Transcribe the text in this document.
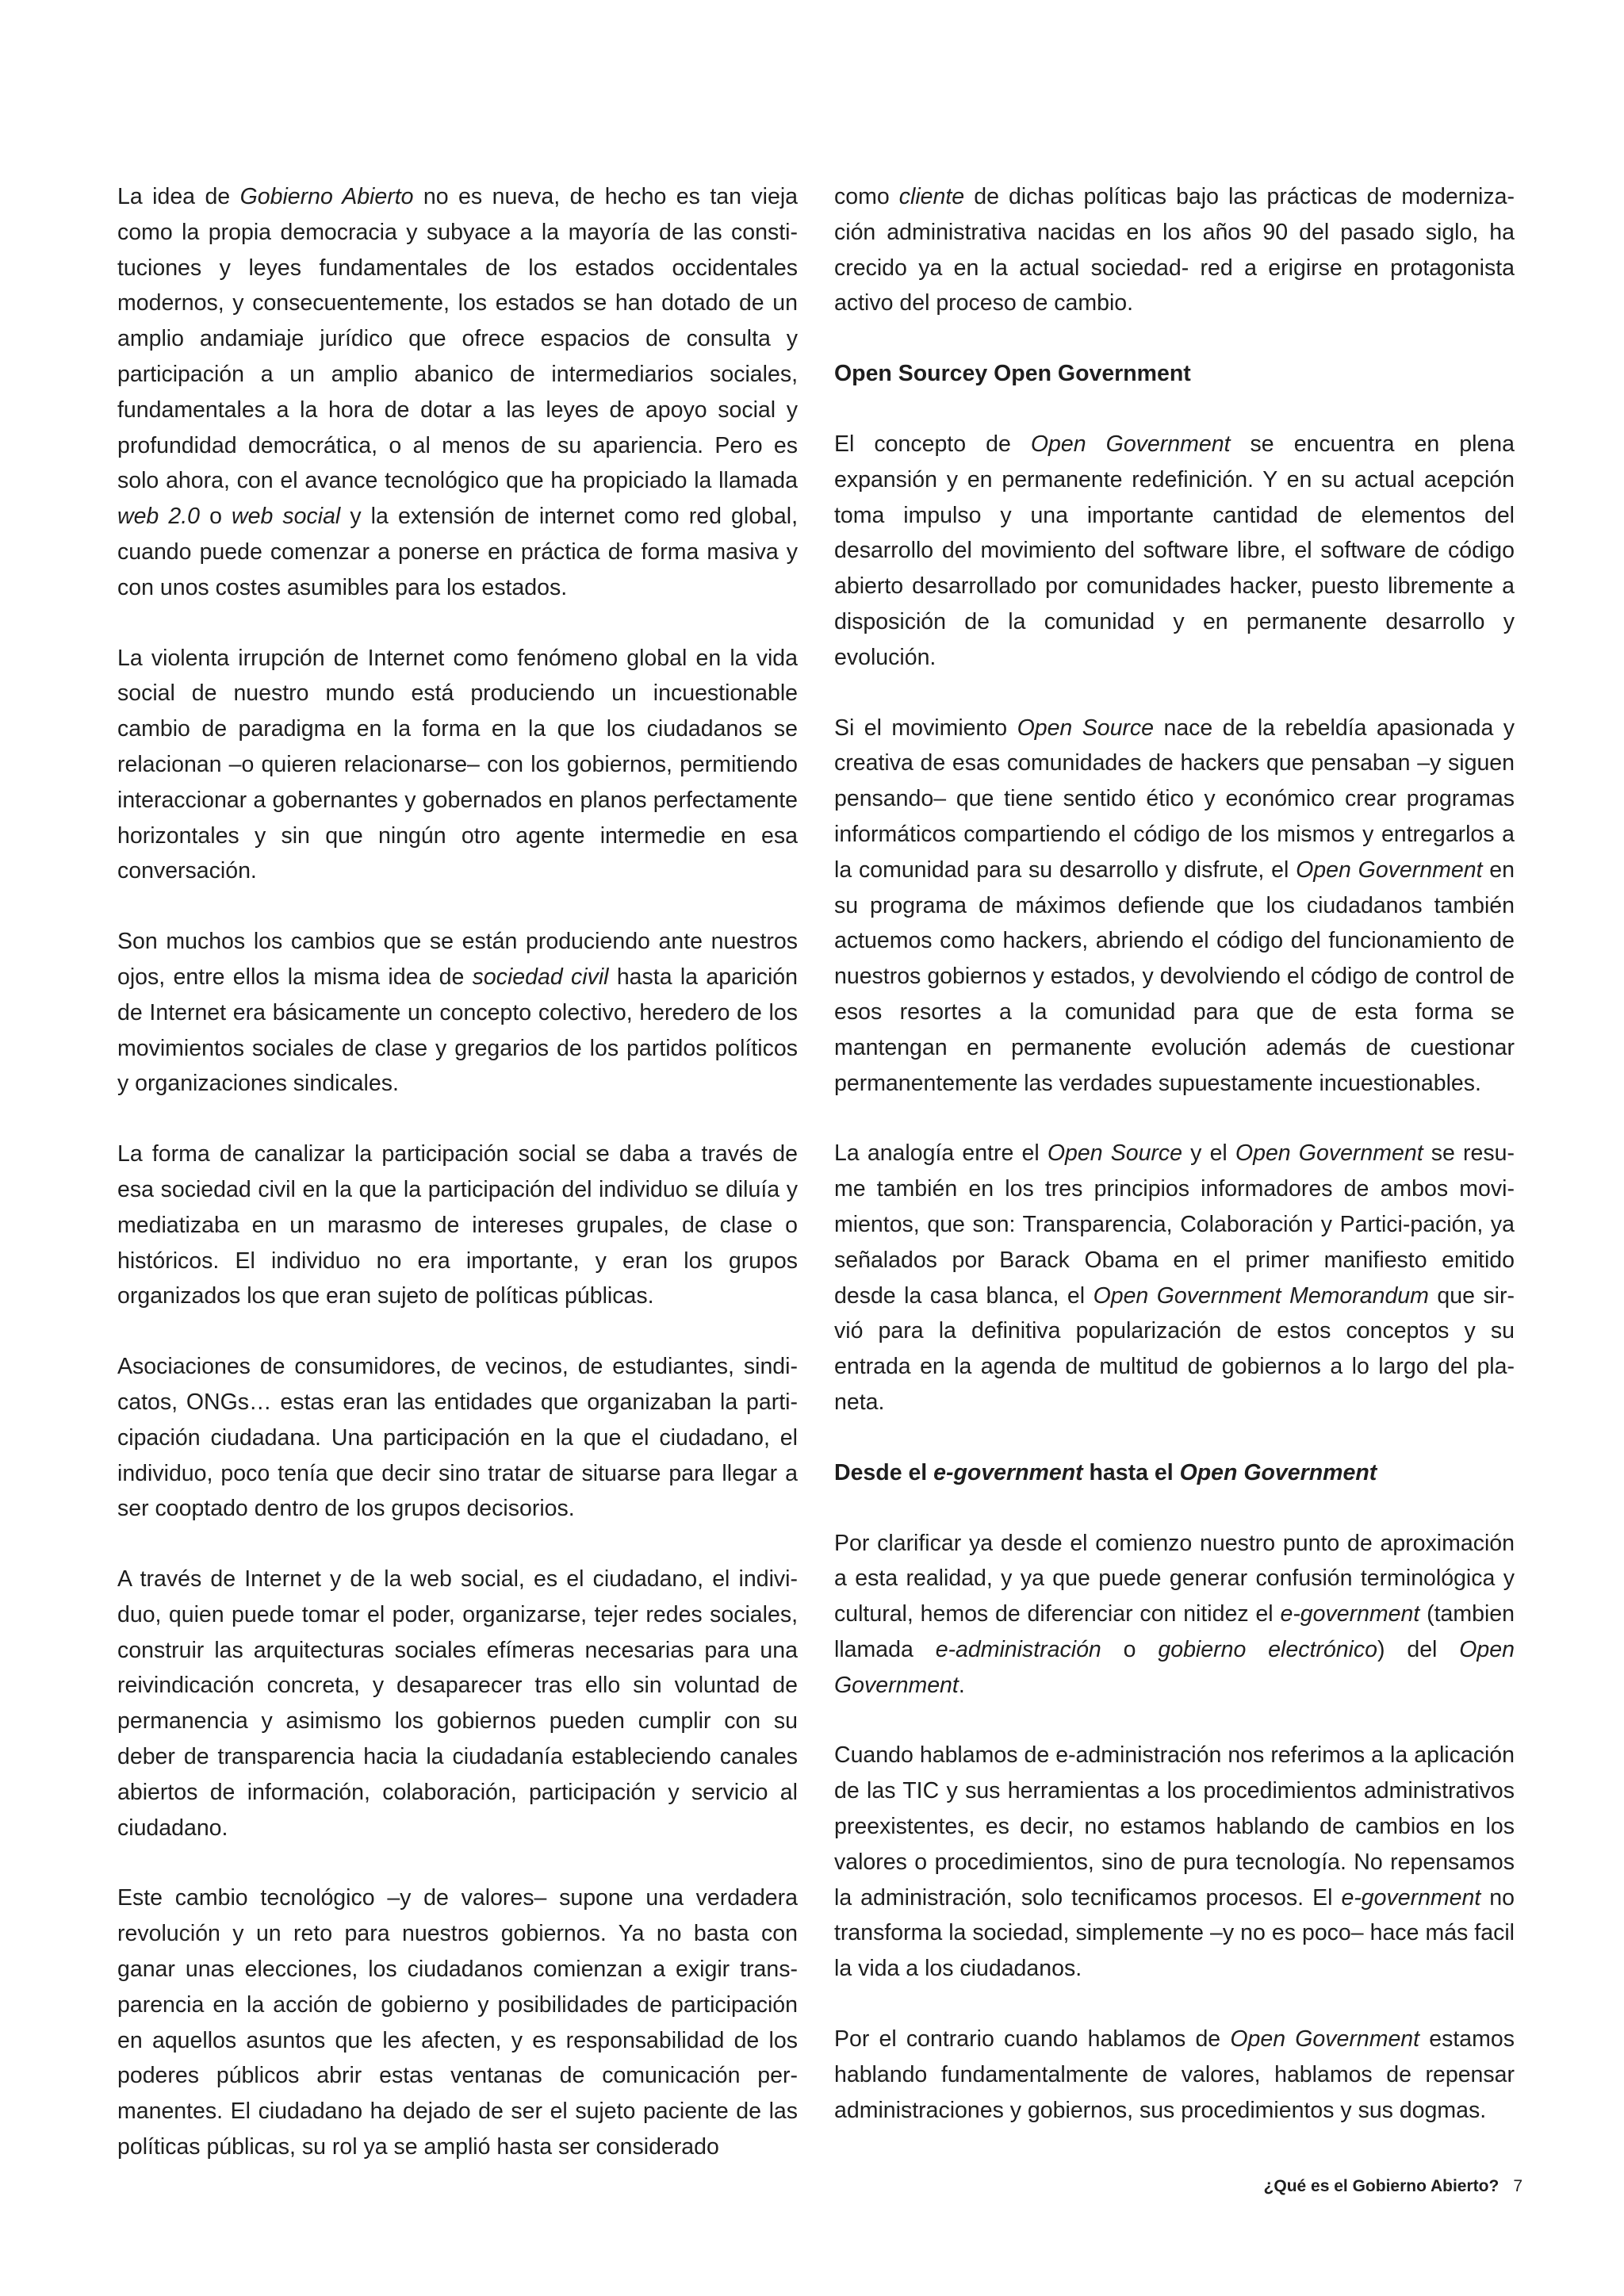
La idea de Gobierno Abierto no es nueva, de hecho es tan vieja como la propia democracia y subyace a la mayoría de las constituciones y leyes fundamentales de los estados occidentales modernos, y consecuentemente, los estados se han dotado de un amplio andamiaje jurídico que ofrece espacios de consulta y participación a un amplio abanico de intermediarios sociales, fundamentales a la hora de dotar a las leyes de apoyo social y profundidad democrática, o al menos de su apariencia. Pero es solo ahora, con el avance tecnológico que ha propiciado la llamada web 2.0 o web social y la extensión de internet como red global, cuando puede comenzar a ponerse en práctica de forma masiva y con unos costes asumibles para los estados.

La violenta irrupción de Internet como fenómeno global en la vida social de nuestro mundo está produciendo un incuestionable cambio de paradigma en la forma en la que los ciudadanos se relacionan –o quieren relacionarse– con los gobiernos, permitiendo interaccionar a gobernantes y gobernados en planos perfectamente horizontales y sin que ningún otro agente intermedie en esa conversación.

Son muchos los cambios que se están produciendo ante nuestros ojos, entre ellos la misma idea de sociedad civil hasta la aparición de Internet era básicamente un concepto colectivo, heredero de los movimientos sociales de clase y gregarios de los partidos políticos y organizaciones sindicales.

La forma de canalizar la participación social se daba a través de esa sociedad civil en la que la participación del individuo se diluía y mediatizaba en un marasmo de intereses grupales, de clase o históricos. El individuo no era importante, y eran los grupos organizados los que eran sujeto de políticas públicas.

Asociaciones de consumidores, de vecinos, de estudiantes, sindicatos, ONGs… estas eran las entidades que organizaban la participación ciudadana. Una participación en la que el ciudadano, el individuo, poco tenía que decir sino tratar de situarse para llegar a ser cooptado dentro de los grupos decisorios.

A través de Internet y de la web social, es el ciudadano, el individuo, quien puede tomar el poder, organizarse, tejer redes sociales, construir las arquitecturas sociales efímeras necesarias para una reivindicación concreta, y desaparecer tras ello sin voluntad de permanencia y asimismo los gobiernos pueden cumplir con su deber de transparencia hacia la ciudadanía estableciendo canales abiertos de información, colaboración, participación y servicio al ciudadano.

Este cambio tecnológico –y de valores– supone una verdadera revolución y un reto para nuestros gobiernos. Ya no basta con ganar unas elecciones, los ciudadanos comienzan a exigir transparencia en la acción de gobierno y posibilidades de participación en aquellos asuntos que les afecten, y es responsabilidad de los poderes públicos abrir estas ventanas de comunicación permanentes. El ciudadano ha dejado de ser el sujeto paciente de las políticas públicas, su rol ya se amplió hasta ser considerado

como cliente de dichas políticas bajo las prácticas de modernización administrativa nacidas en los años 90 del pasado siglo, ha crecido ya en la actual sociedad- red a erigirse en protagonista activo del proceso de cambio.

Open Sourcey Open Government

El concepto de Open Government se encuentra en plena expansión y en permanente redefinición. Y en su actual acepción toma impulso y una importante cantidad de elementos del desarrollo del movimiento del software libre, el software de código abierto desarrollado por comunidades hacker, puesto libremente a disposición de la comunidad y en permanente desarrollo y evolución.

Si el movimiento Open Source nace de la rebeldía apasionada y creativa de esas comunidades de hackers que pensaban –y siguen pensando– que tiene sentido ético y económico crear programas informáticos compartiendo el código de los mismos y entregarlos a la comunidad para su desarrollo y disfrute, el Open Government en su programa de máximos defiende que los ciudadanos también actuemos como hackers, abriendo el código del funcionamiento de nuestros gobiernos y estados, y devolviendo el código de control de esos resortes a la comunidad para que de esta forma se mantengan en permanente evolución además de cuestionar permanentemente las verdades supuestamente incuestionables.

La analogía entre el Open Source y el Open Government se resume también en los tres principios informadores de ambos movimientos, que son: Transparencia, Colaboración y Partici-pación, ya señalados por Barack Obama en el primer manifiesto emitido desde la casa blanca, el Open Government Memorandum que sirvió para la definitiva popularización de estos conceptos y su entrada en la agenda de multitud de gobiernos a lo largo del planeta.

Desde el e-government hasta el Open Government

Por clarificar ya desde el comienzo nuestro punto de aproximación a esta realidad, y ya que puede generar confusión terminológica y cultural, hemos de diferenciar con nitidez el e-government (tambien llamada e-administración o gobierno electrónico) del Open Government.

Cuando hablamos de e-administración nos referimos a la aplicación de las TIC y sus herramientas a los procedimientos administrativos preexistentes, es decir, no estamos hablando de cambios en los valores o procedimientos, sino de pura tecnología. No repensamos la administración, solo tecnificamos procesos. El e-government no transforma la sociedad, simplemente –y no es poco– hace más facil la vida a los ciudadanos.

Por el contrario cuando hablamos de Open Government estamos hablando fundamentalmente de valores, hablamos de repensar administraciones y gobiernos, sus procedimientos y sus dogmas.

¿Qué es el Gobierno Abierto? 7
